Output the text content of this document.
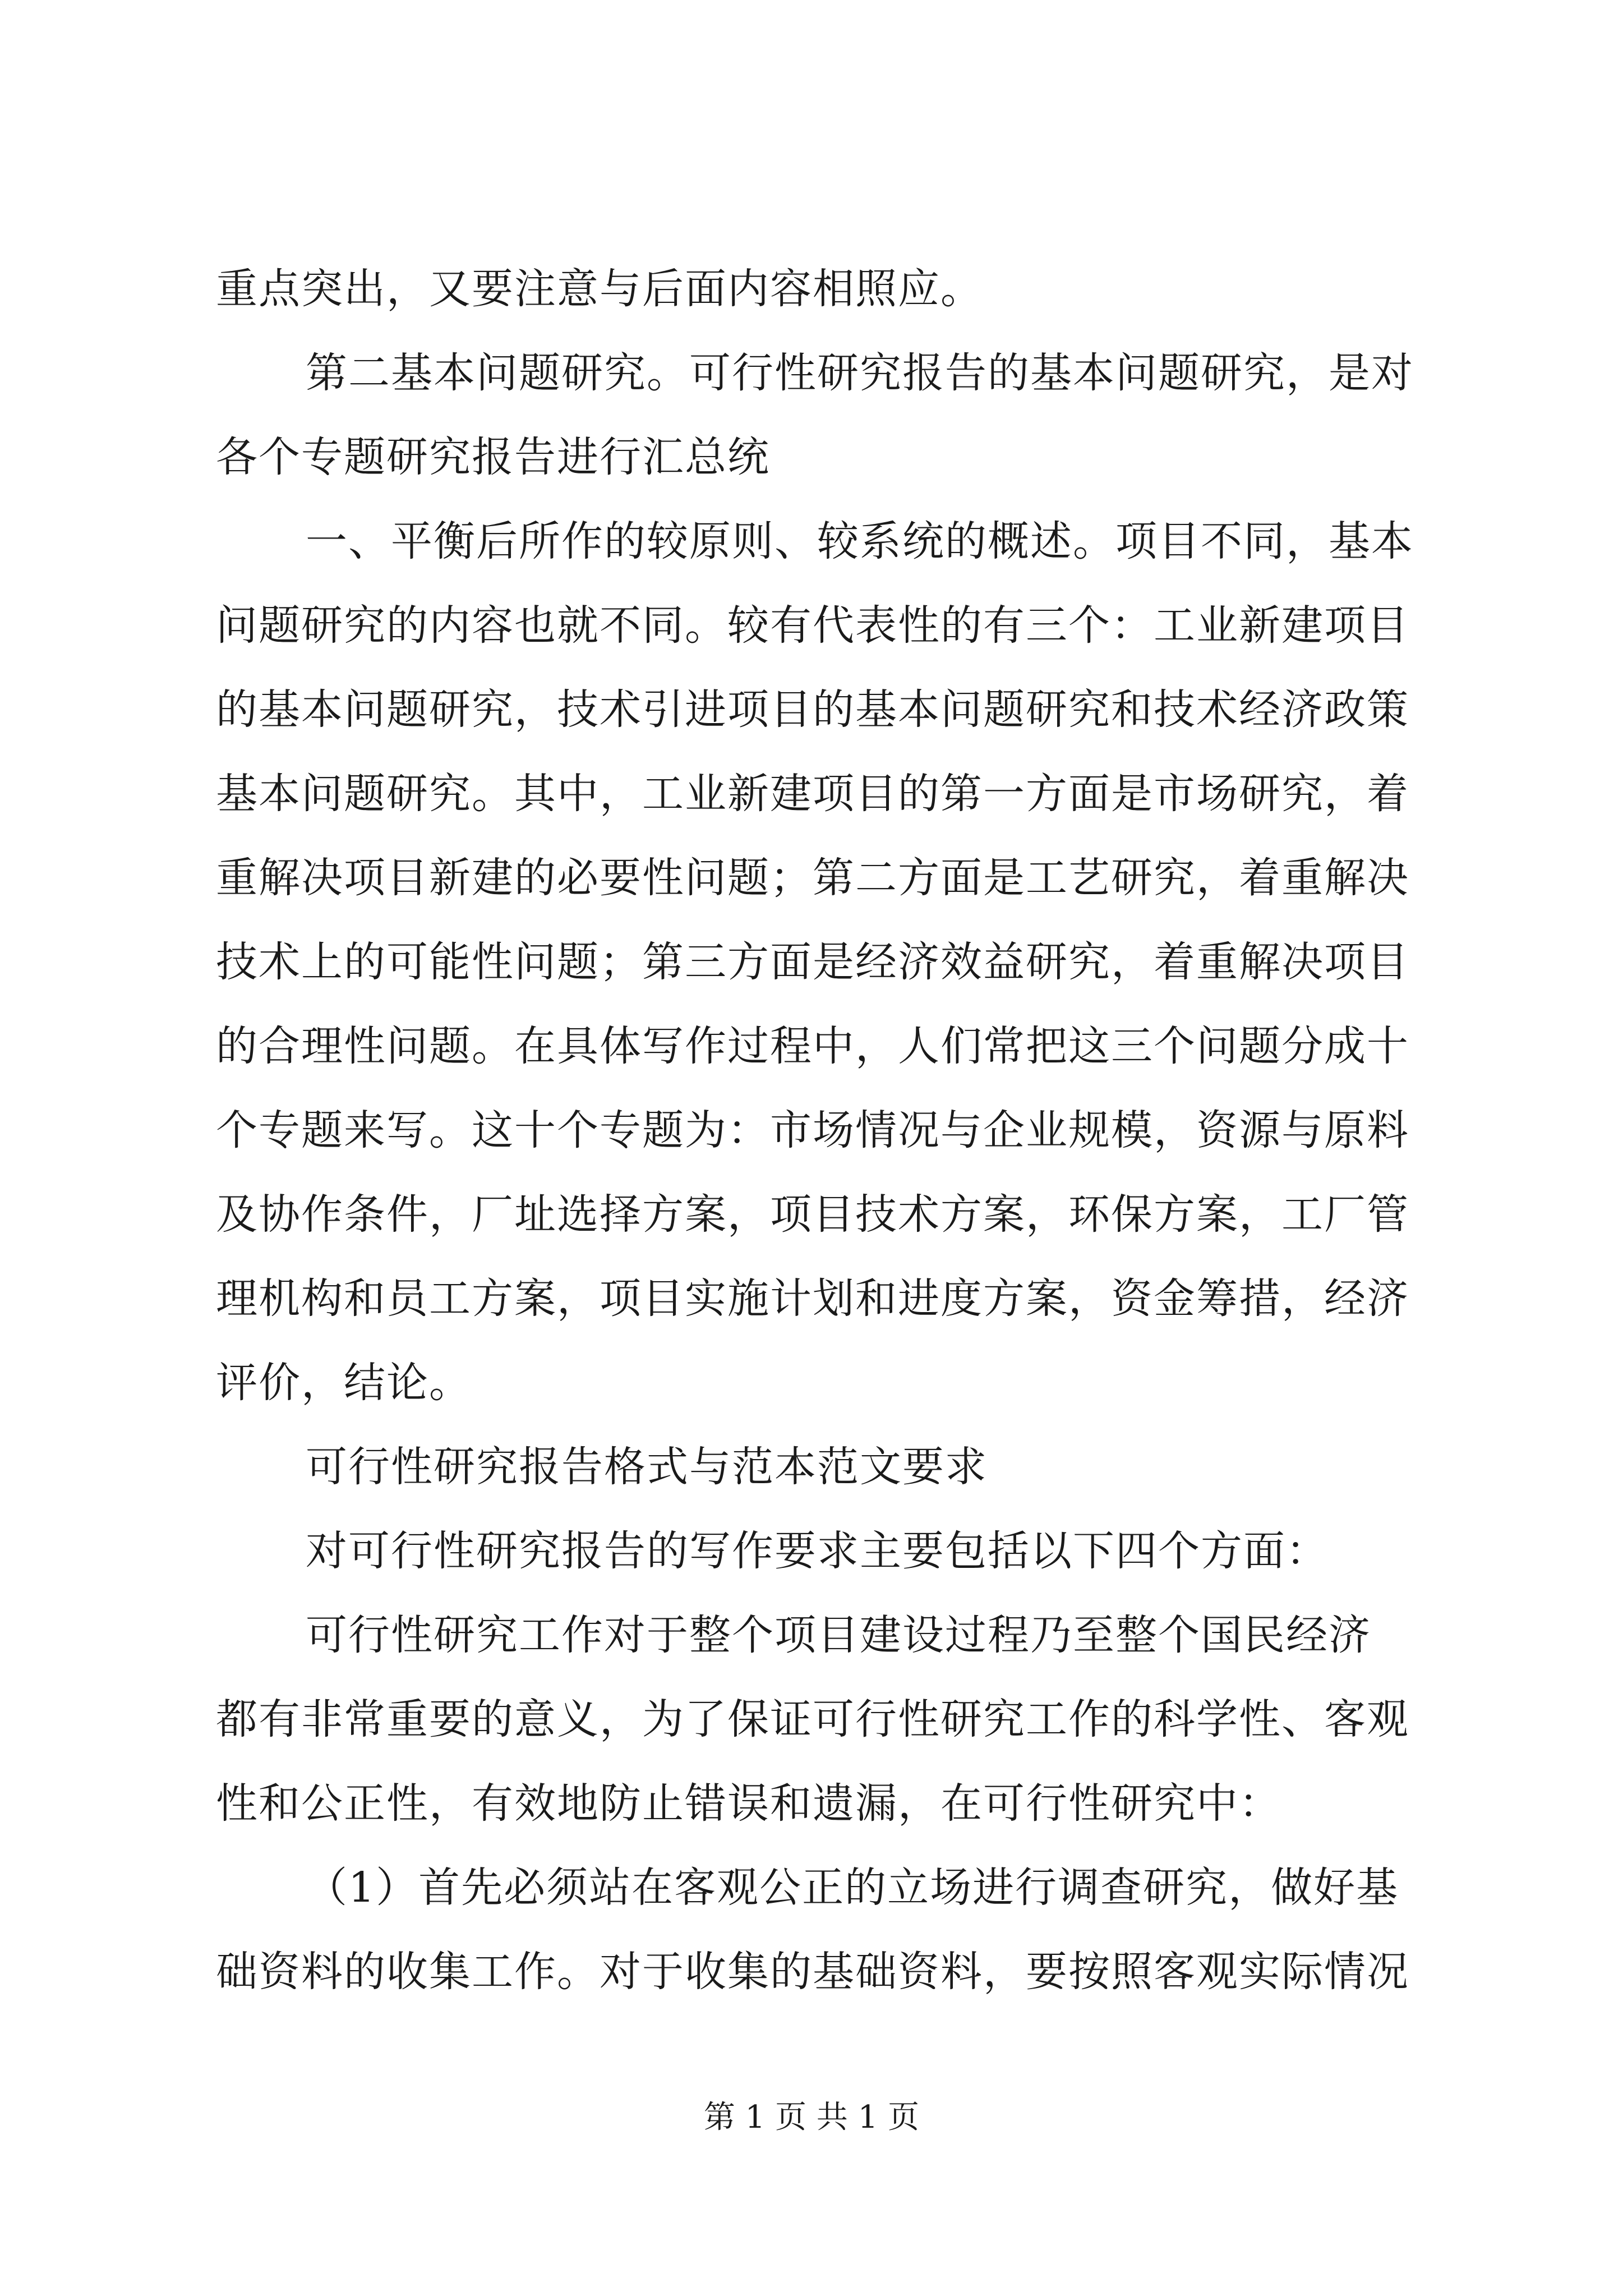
重点突出，又要注意与后面内容相照应。
第二基本问题研究。可行性研究报告的基本问题研究，是对
各个专题研究报告进行汇总统
一、平衡后所作的较原则、较系统的概述。项目不同，基本
问题研究的内容也就不同。较有代表性的有三个：工业新建项目
的基本问题研究，技术引进项目的基本问题研究和技术经济政策
基本问题研究。其中，工业新建项目的第一方面是市场研究，着
重解决项目新建的必要性问题；第二方面是工艺研究，着重解决
技术上的可能性问题；第三方面是经济效益研究，着重解决项目
的合理性问题。在具体写作过程中，人们常把这三个问题分成十
个专题来写。这十个专题为：市场情况与企业规模，资源与原料
及协作条件，厂址选择方案，项目技术方案，环保方案，工厂管
理机构和员工方案，项目实施计划和进度方案，资金筹措，经济
评价，结论。
可行性研究报告格式与范本范文要求
对可行性研究报告的写作要求主要包括以下四个方面：
可行性研究工作对于整个项目建设过程乃至整个国民经济
都有非常重要的意义，为了保证可行性研究工作的科学性、客观
性和公正性，有效地防止错误和遗漏，在可行性研究中：
（1）首先必须站在客观公正的立场进行调查研究，做好基
础资料的收集工作。对于收集的基础资料，要按照客观实际情况
第 1 页 共 1 页
